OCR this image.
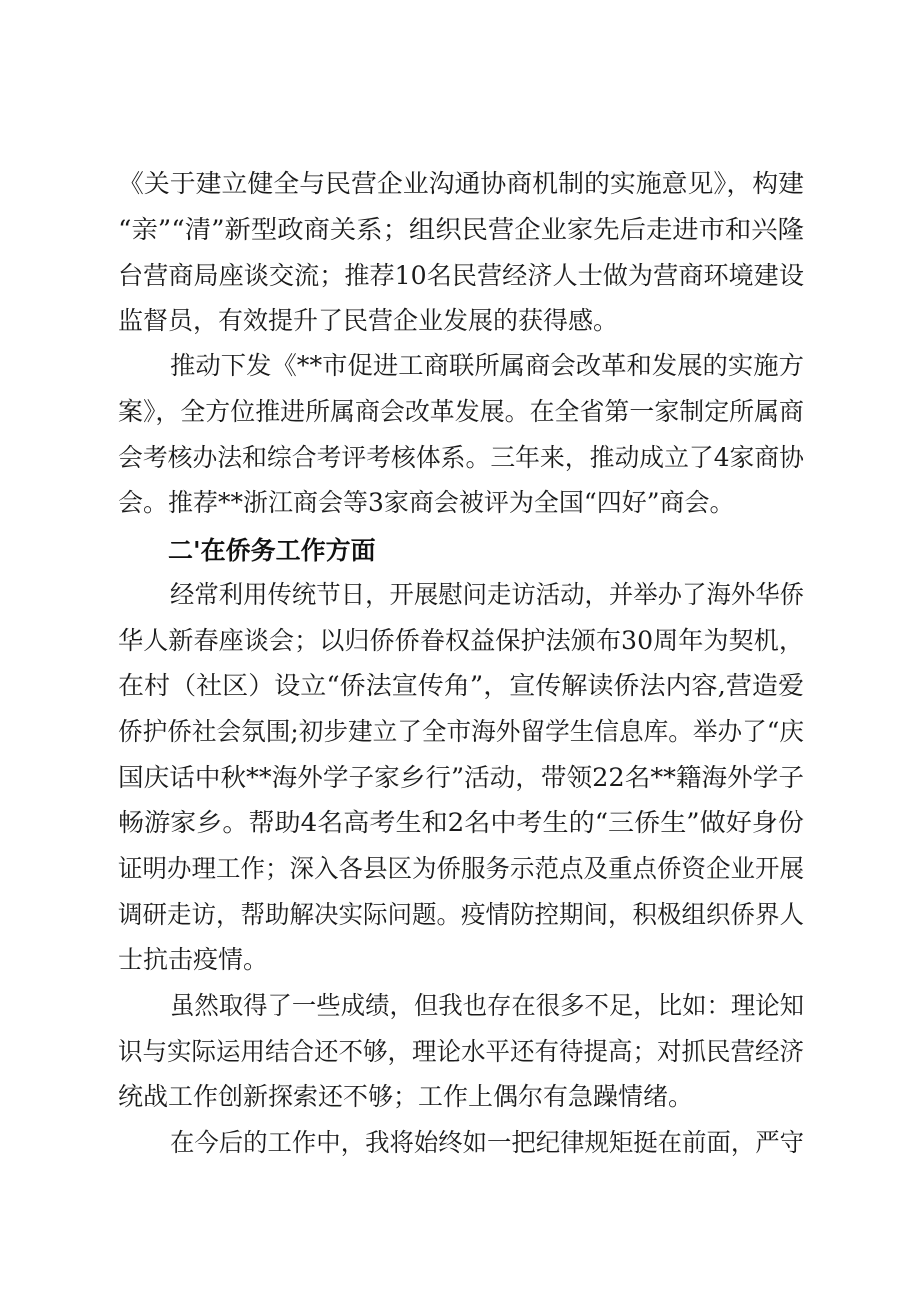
《关于建立健全与民营企业沟通协商机制的实施意见》，构建
“亲”“清”新型政商关系；组织民营企业家先后走进市和兴隆
台营商局座谈交流；推荐10名民营经济人士做为营商环境建设
监督员，有效提升了民营企业发展的获得感。
推动下发《**市促进工商联所属商会改革和发展的实施方
案》，全方位推进所属商会改革发展。在全省第一家制定所属商
会考核办法和综合考评考核体系。三年来，推动成立了4家商协
会。推荐**浙江商会等3家商会被评为全国“四好”商会。
二'在侨务工作方面
经常利用传统节日，开展慰问走访活动，并举办了海外华侨
华人新春座谈会；以归侨侨眷权益保护法颁布30周年为契机，
在村（社区）设立“侨法宣传角”，宣传解读侨法内容,营造爱
侨护侨社会氛围;初步建立了全市海外留学生信息库。举办了“庆
国庆话中秋**海外学子家乡行”活动，带领22名**籍海外学子
畅游家乡。帮助4名高考生和2名中考生的“三侨生”做好身份
证明办理工作；深入各县区为侨服务示范点及重点侨资企业开展
调研走访，帮助解决实际问题。疫情防控期间，积极组织侨界人
士抗击疫情。
虽然取得了一些成绩，但我也存在很多不足，比如：理论知
识与实际运用结合还不够，理论水平还有待提高；对抓民营经济
统战工作创新探索还不够；工作上偶尔有急躁情绪。
在今后的工作中，我将始终如一把纪律规矩挺在前面，严守
